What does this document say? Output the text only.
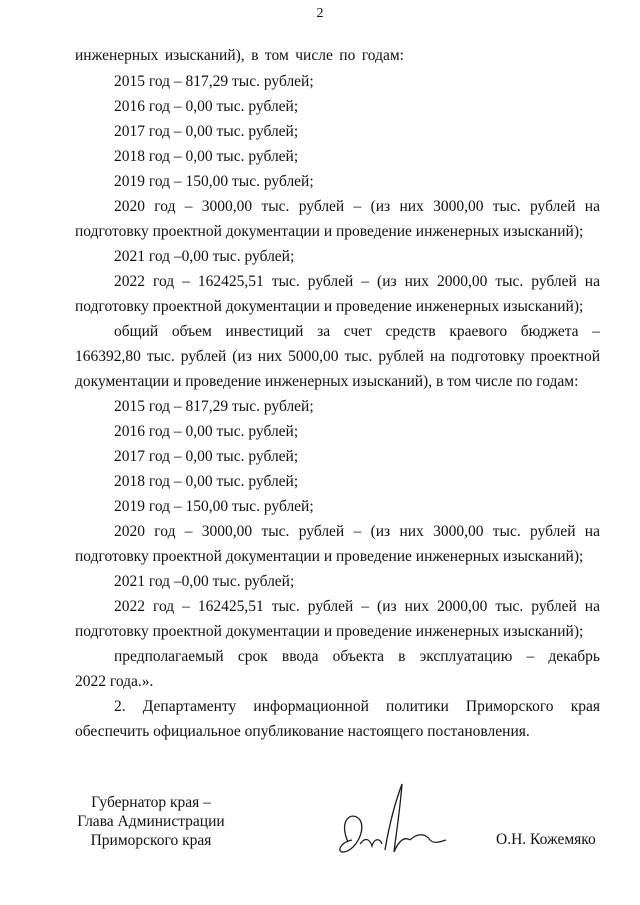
2
инженерных изысканий), в том числе по годам:
2015 год – 817,29 тыс. рублей;
2016 год – 0,00 тыс. рублей;
2017 год – 0,00 тыс. рублей;
2018 год – 0,00 тыс. рублей;
2019 год – 150,00 тыс. рублей;
2020 год – 3000,00 тыс. рублей – (из них 3000,00 тыс. рублей на
подготовку проектной документации и проведение инженерных изысканий);
2021 год –0,00 тыс. рублей;
2022 год – 162425,51 тыс. рублей – (из них 2000,00 тыс. рублей на
подготовку проектной документации и проведение инженерных изысканий);
общий объем инвестиций за счет средств краевого бюджета –
166392,80 тыс. рублей (из них 5000,00 тыс. рублей на подготовку проектной
документации и проведение инженерных изысканий), в том числе по годам:
2015 год – 817,29 тыс. рублей;
2016 год – 0,00 тыс. рублей;
2017 год – 0,00 тыс. рублей;
2018 год – 0,00 тыс. рублей;
2019 год – 150,00 тыс. рублей;
2020 год – 3000,00 тыс. рублей – (из них 3000,00 тыс. рублей на
подготовку проектной документации и проведение инженерных изысканий);
2021 год –0,00 тыс. рублей;
2022 год – 162425,51 тыс. рублей – (из них 2000,00 тыс. рублей на
подготовку проектной документации и проведение инженерных изысканий);
предполагаемый срок ввода объекта в эксплуатацию – декабрь
2022 года.».
2. Департаменту информационной политики Приморского края
обеспечить официальное опубликование настоящего постановления.
Губернатор края –
Глава Администрации
Приморского края	О.Н. Кожемяко
